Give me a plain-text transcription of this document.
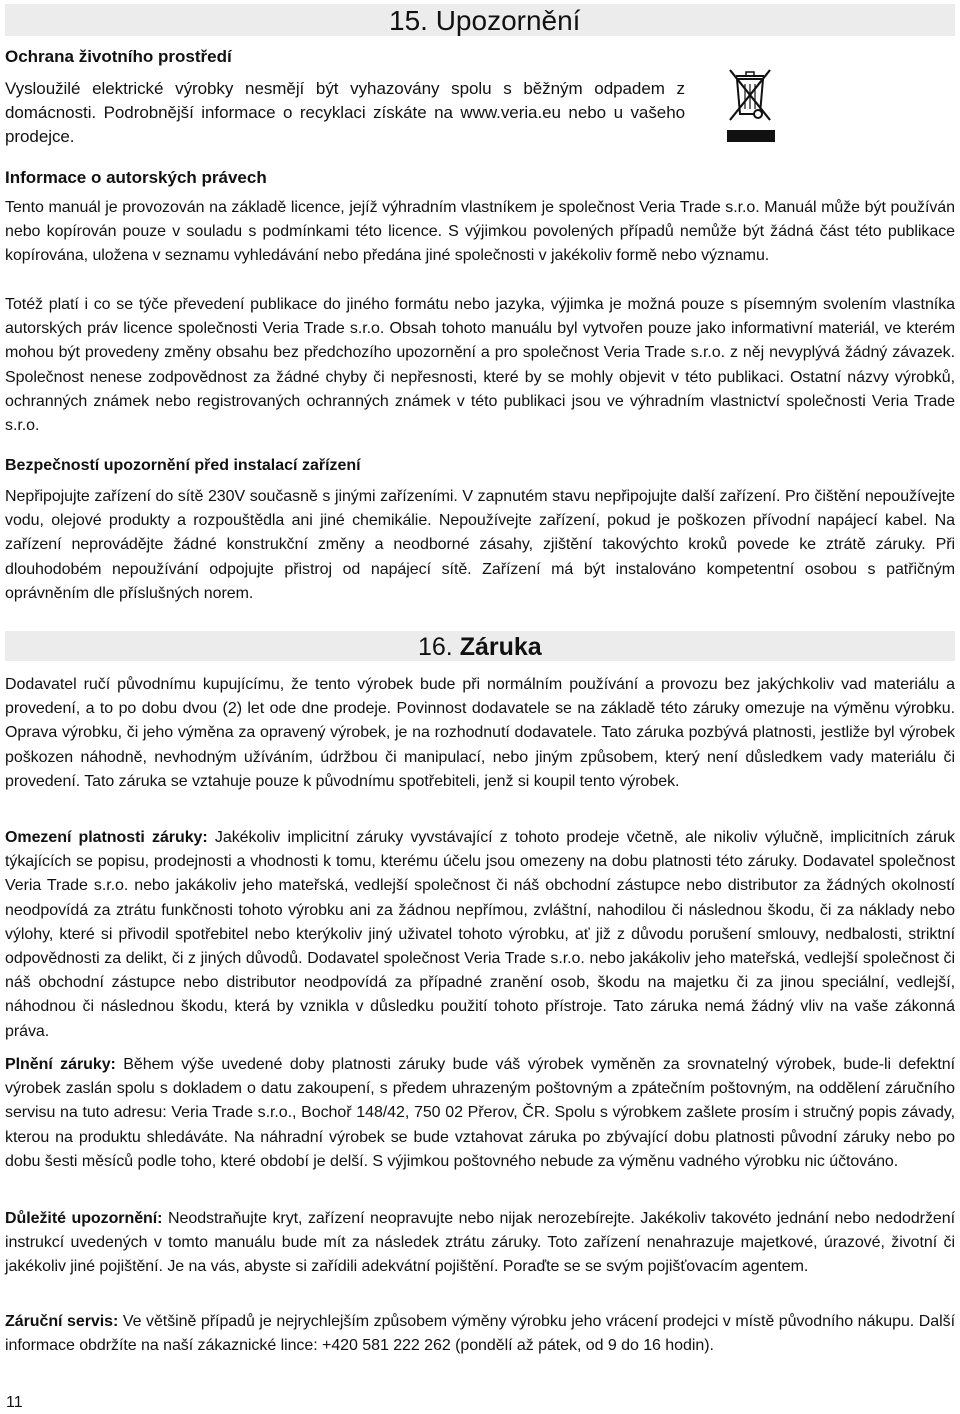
15. Upozornění

Ochrana životního prostředí

Vysloužilé elektrické výrobky nesmějí být vyhazovány spolu s běžným odpadem z domácnosti. Podrobnější informace o recyklaci získáte na www.veria.eu nebo u vašeho prodejce.

Informace o autorských právech

Tento manuál je provozován na základě licence, jejíž výhradním vlastníkem je společnost Veria Trade s.r.o. Manuál může být používán nebo kopírován pouze v souladu s podmínkami této licence. S výjimkou povolených případů nemůže být žádná část této publikace kopírována, uložena v seznamu vyhledávání nebo předána jiné společnosti v jakékoliv formě nebo významu.

Totéž platí i co se týče převedení publikace do jiného formátu nebo jazyka, výjimka je možná pouze s písemným svolením vlastníka autorských práv licence společnosti Veria Trade s.r.o. Obsah tohoto manuálu byl vytvořen pouze jako informativní materiál, ve kterém mohou být provedeny změny obsahu bez předchozího upozornění a pro společnost Veria Trade s.r.o. z něj nevyplývá žádný závazek. Společnost nenese zodpovědnost za žádné chyby či nepřesnosti, které by se mohly objevit v této publikaci. Ostatní názvy výrobků, ochranných známek nebo registrovaných ochranných známek v této publikaci jsou ve výhradním vlastnictví společnosti Veria Trade s.r.o.

Bezpečností upozornění před instalací zařízení

Nepřipojujte zařízení do sítě 230V současně s jinými zařízeními. V zapnutém stavu nepřipojujte další zařízení. Pro čištění nepoužívejte vodu, olejové produkty a rozpouštědla ani jiné chemikálie. Nepoužívejte zařízení, pokud je poškozen přívodní napájecí kabel. Na zařízení neprovádějte žádné konstrukční změny a neodborné zásahy, zjištění takovýchto kroků povede ke ztrátě záruky. Při dlouhodobém nepoužívání odpojujte přistroj od napájecí sítě. Zařízení má být instalováno kompetentní osobou s patřičným oprávněním dle příslušných norem.

16. Záruka

Dodavatel ručí původnímu kupujícímu, že tento výrobek bude při normálním používání a provozu bez jakýchkoliv vad materiálu a provedení, a to po dobu dvou (2) let ode dne prodeje. Povinnost dodavatele se na základě této záruky omezuje na výměnu výrobku. Oprava výrobku, či jeho výměna za opravený výrobek, je na rozhodnutí dodavatele. Tato záruka pozbývá platnosti, jestliže byl výrobek poškozen náhodně, nevhodným užíváním, údržbou či manipulací, nebo jiným způsobem, který není důsledkem vady materiálu či provedení. Tato záruka se vztahuje pouze k původnímu spotřebiteli, jenž si koupil tento výrobek.

Omezení platnosti záruky: Jakékoliv implicitní záruky vyvstávající z tohoto prodeje včetně, ale nikoliv výlučně, implicitních záruk týkajících se popisu, prodejnosti a vhodnosti k tomu, kterému účelu jsou omezeny na dobu platnosti této záruky. Dodavatel společnost Veria Trade s.r.o. nebo jakákoliv jeho mateřská, vedlejší společnost či náš obchodní zástupce nebo distributor za žádných okolností neodpovídá za ztrátu funkčnosti tohoto výrobku ani za žádnou nepřímou, zvláštní, nahodilou či následnou škodu, či za náklady nebo výlohy, které si přivodil spotřebitel nebo kterýkoliv jiný uživatel tohoto výrobku, ať již z důvodu porušení smlouvy, nedbalosti, striktní odpovědnosti za delikt, či z jiných důvodů. Dodavatel společnost Veria Trade s.r.o. nebo jakákoliv jeho mateřská, vedlejší společnost či náš obchodní zástupce nebo distributor neodpovídá za případné zranění osob, škodu na majetku či za jinou speciální, vedlejší, náhodnou či následnou škodu, která by vznikla v důsledku použití tohoto přístroje. Tato záruka nemá žádný vliv na vaše zákonná práva.

Plnění záruky: Během výše uvedené doby platnosti záruky bude váš výrobek vyměněn za srovnatelný výrobek, bude-li defektní výrobek zaslán spolu s dokladem o datu zakoupení, s předem uhrazeným poštovným a zpátečním poštovným, na oddělení záručního servisu na tuto adresu: Veria Trade s.r.o., Bochoř 148/42, 750 02 Přerov, ČR. Spolu s výrobkem zašlete prosím i stručný popis závady, kterou na produktu shledáváte. Na náhradní výrobek se bude vztahovat záruka po zbývající dobu platnosti původní záruky nebo po dobu šesti měsíců podle toho, které období je delší. S výjimkou poštovného nebude za výměnu vadného výrobku nic účtováno.

Důležité upozornění: Neodstraňujte kryt, zařízení neopravujte nebo nijak nerozebírejte. Jakékoliv takovéto jednání nebo nedodržení instrukcí uvedených v tomto manuálu bude mít za následek ztrátu záruky. Toto zařízení nenahrazuje majetkové, úrazové, životní či jakékoliv jiné pojištění. Je na vás, abyste si zařídili adekvátní pojištění. Poraďte se se svým pojišťovacím agentem.

Záruční servis: Ve většině případů je nejrychlejším způsobem výměny výrobku jeho vrácení prodejci v místě původního nákupu. Další informace obdržíte na naší zákaznické lince: +420 581 222 262 (pondělí až pátek, od 9 do 16 hodin).

11
